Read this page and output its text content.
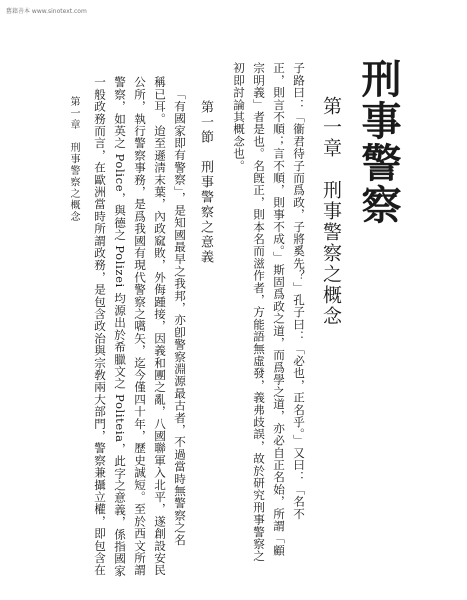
舊籍善本 www.sinotext.com
刑事警察
第一章　刑事警察之概念
子路曰：「衞君待子而爲政，子將奚先？」孔子曰：「必也，正名乎。」又曰：「名不
正，則言不順；言不順，則事不成。」斯固爲政之道，而爲學之道，亦必自正名始，所謂「顧
宗明義」者是也。名旣正，則本名而滋作者，方能語無虛發，義弗歧誤，故於研究刑事警察之
初即討論其概念也。
第一節　刑事警察之意義
「有國家即有警察」，是知國最早之我邦，亦卽警察淵源最古者，不過當時無警察之名
稱已耳。迨至遜淸末葉，內政窳敗，外侮踵接，因義和團之亂，八國聯軍入北平，遂創設安民
公所，執行警察事務，是爲我國有現代警察之嚆矢，迄今僅四十年，歷史誠短。至於西文所謂
警察，如英之 Police，與德之 Polizei 均源出於希臘文之 Politeia，此字之意義，係指國家
一般政務而言，在歐洲當時所謂政務，是包含政治與宗敎兩大部門，警察兼攝立權，即包含在
第一章　刑事警察之概念
